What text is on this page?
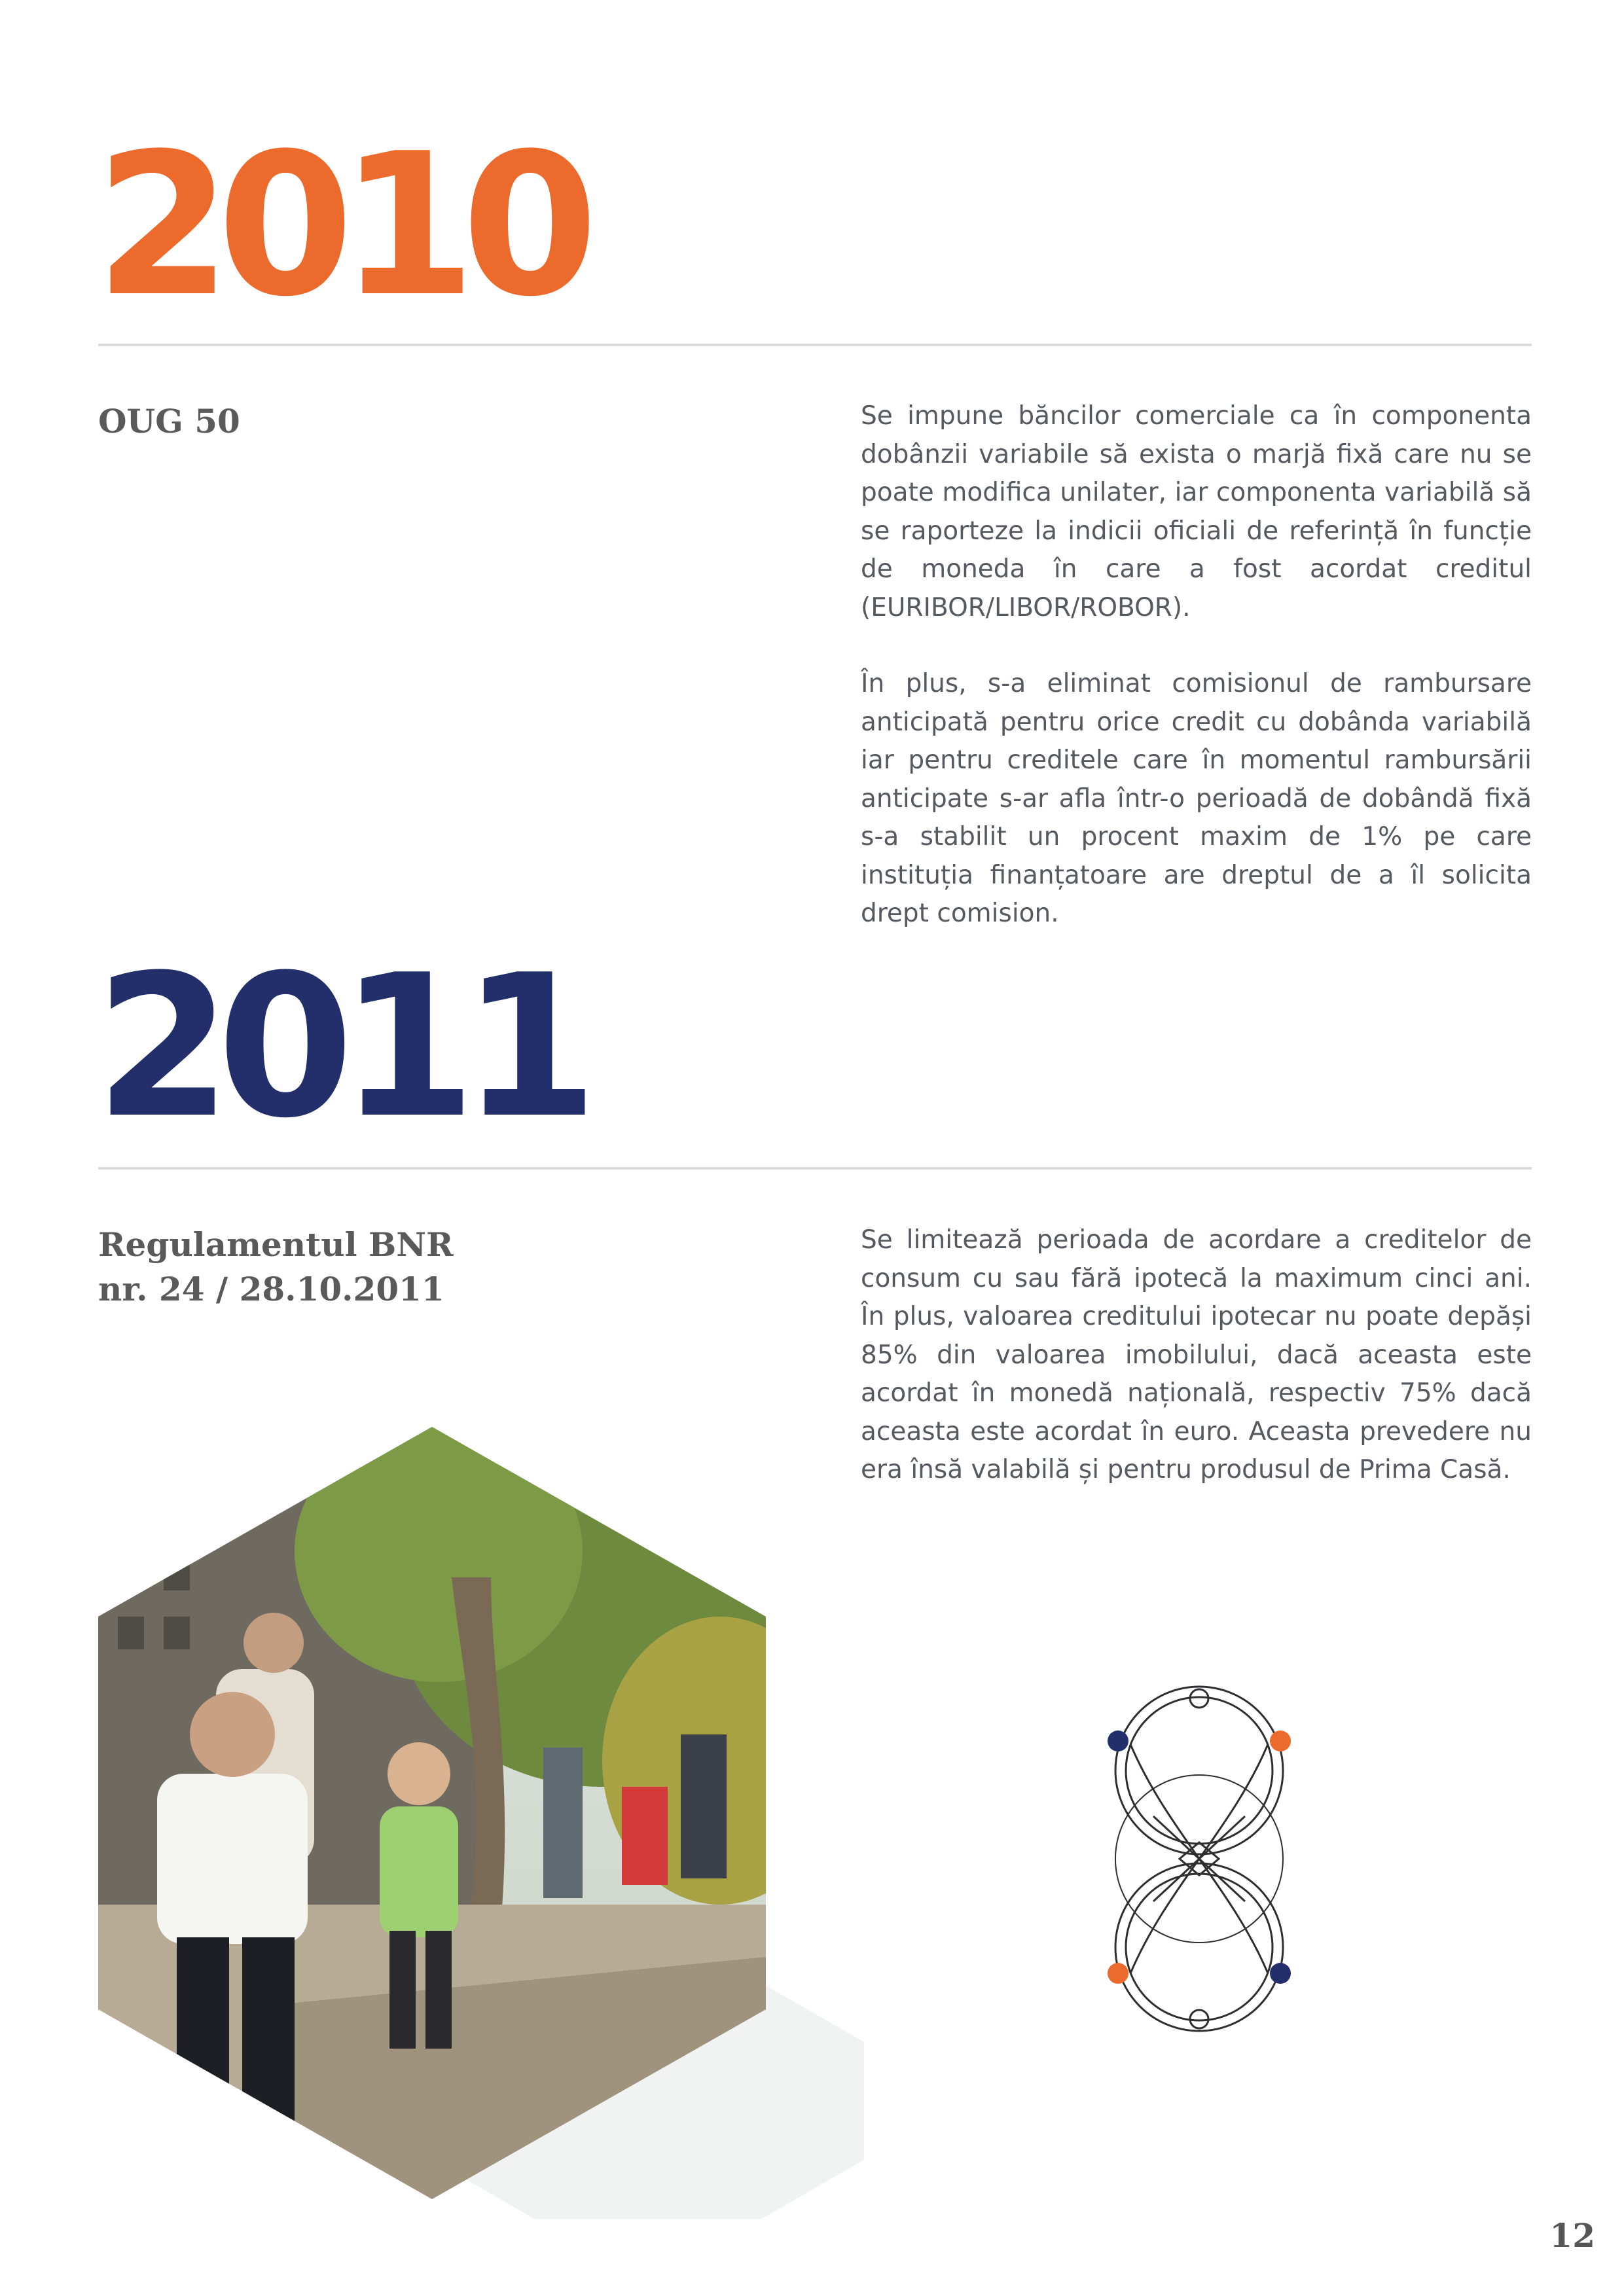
2010

OUG 50	Se impune băncilor comerciale ca în componenta dobânzii variabile să exista o marjă fixă care nu se poate modifica unilater, iar componenta variabilă să se raporteze la indicii oficiali de referință în funcție de moneda în care a fost acordat creditul (EURIBOR/LIBOR/ROBOR).

În plus, s-a eliminat comisionul de rambursare anticipată pentru orice credit cu dobânda variabilă iar pentru creditele care în momentul rambursării anticipate s-ar afla într-o perioadă de dobândă fixă s-a stabilit un procent maxim de 1% pe care instituția finanțatoare are dreptul de a îl solicita drept comision.

2011

Regulamentul BNR
nr. 24 / 28.10.2011

Se limitează perioada de acordare a creditelor de consum cu sau fără ipotecă la maximum cinci ani. În plus, valoarea creditului ipotecar nu poate depăși 85% din valoarea imobilului, dacă aceasta este acordat în monedă națională, respectiv 75% dacă aceasta este acordat în euro. Aceasta prevedere nu era însă valabilă și pentru produsul de Prima Casă.

12
